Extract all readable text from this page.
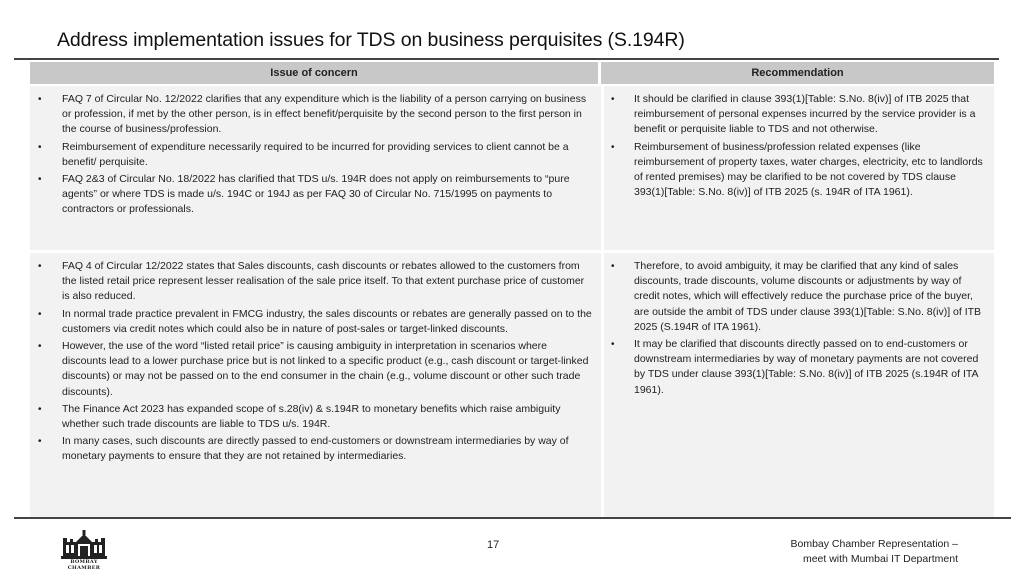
Address implementation issues for TDS on business perquisites (S.194R)
Issue of concern	Recommendation
• FAQ 7 of Circular No. 12/2022 clarifies that any expenditure which is the liability of a person carrying on business or profession, if met by the other person, is in effect benefit/perquisite by the second person to the first person in the course of business/profession.
• Reimbursement of expenditure necessarily required to be incurred for providing services to client cannot be a benefit/ perquisite.
• FAQ 2&3 of Circular No. 18/2022 has clarified that TDS u/s. 194R does not apply on reimbursements to “pure agents” or where TDS is made u/s. 194C or 194J as per FAQ 30 of Circular No. 715/1995 on payments to contractors or professionals.
• It should be clarified in clause 393(1)[Table: S.No. 8(iv)] of ITB 2025 that reimbursement of personal expenses incurred by the service provider is a benefit or perquisite liable to TDS and not otherwise.
• Reimbursement of business/profession related expenses (like reimbursement of property taxes, water charges, electricity, etc to landlords of rented premises) may be clarified to be not covered by TDS clause 393(1)[Table: S.No. 8(iv)] of ITB 2025 (s. 194R of ITA 1961).
• FAQ 4 of Circular 12/2022 states that Sales discounts, cash discounts or rebates allowed to the customers from the listed retail price represent lesser realisation of the sale price itself. To that extent purchase price of customer is also reduced.
• In normal trade practice prevalent in FMCG industry, the sales discounts or rebates are generally passed on to the customers via credit notes which could also be in nature of post-sales or target-linked discounts.
• However, the use of the word “listed retail price” is causing ambiguity in interpretation in scenarios where discounts lead to a lower purchase price but is not linked to a specific product (e.g., cash discount or target-linked discounts) or may not be passed on to the end consumer in the chain (e.g., volume discount or other such trade discounts).
• The Finance Act 2023 has expanded scope of s.28(iv) & s.194R to monetary benefits which raise ambiguity whether such trade discounts are liable to TDS u/s. 194R.
• In many cases, such discounts are directly passed to end-customers or downstream intermediaries by way of monetary payments to ensure that they are not retained by intermediaries.
• Therefore, to avoid ambiguity, it may be clarified that any kind of sales discounts, trade discounts, volume discounts or adjustments by way of credit notes, which will effectively reduce the purchase price of the buyer, are outside the ambit of TDS under clause 393(1)[Table: S.No. 8(iv)] of ITB 2025 (S.194R of ITA 1961).
• It may be clarified that discounts directly passed on to end-customers or downstream intermediaries by way of monetary payments are not covered by TDS under clause 393(1)[Table: S.No. 8(iv)] of ITB 2025 (s.194R of ITA 1961).
BOMBAY CHAMBER
17	Bombay Chamber Representation –
meet with Mumbai IT Department
